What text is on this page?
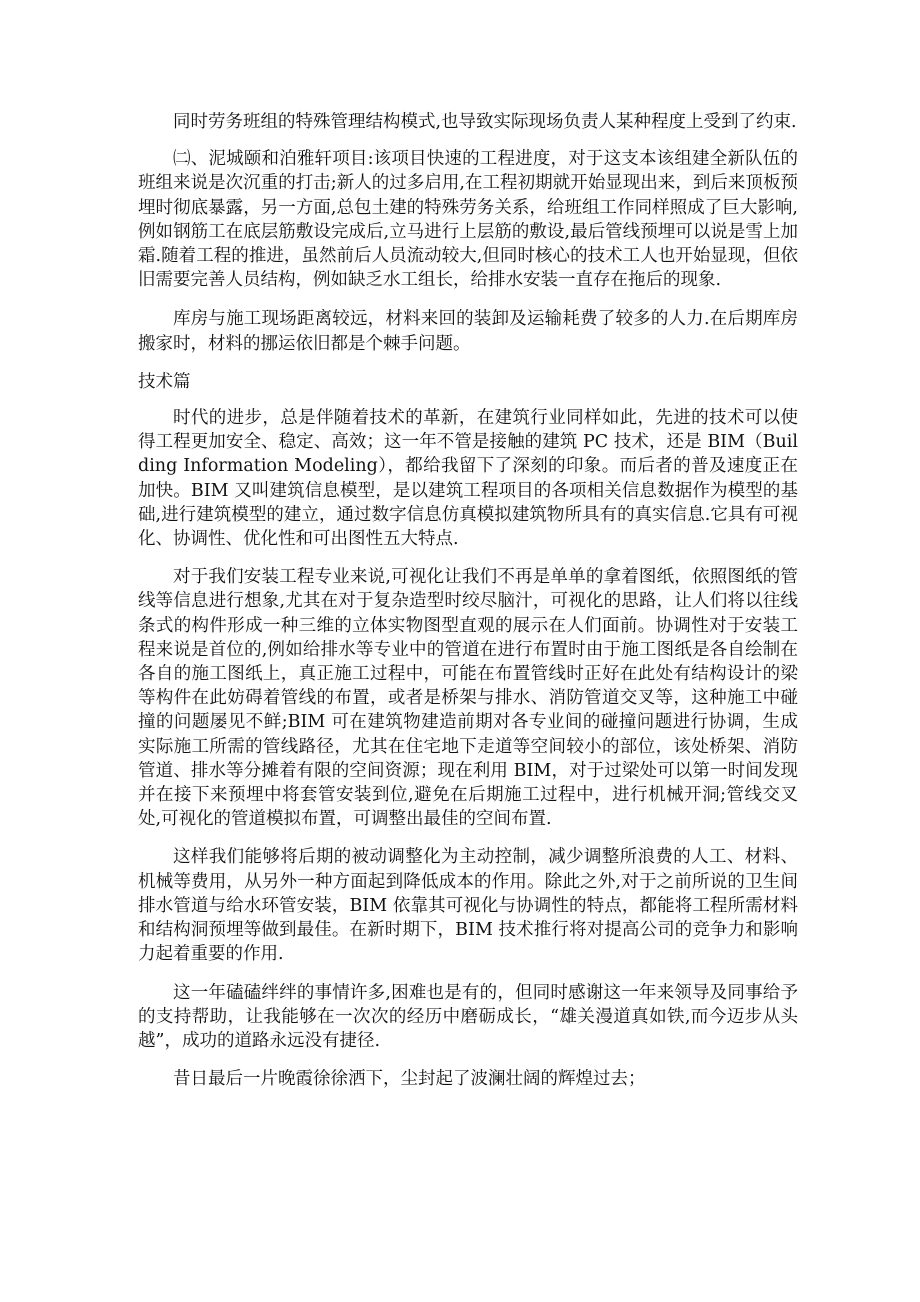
同时劳务班组的特殊管理结构模式,也导致实际现场负责人某种程度上受到了约束.

㈡、泥城颐和泊雅轩项目:该项目快速的工程进度，对于这支本该组建全新队伍的班组来说是次沉重的打击;新人的过多启用,在工程初期就开始显现出来，到后来顶板预埋时彻底暴露，另一方面,总包土建的特殊劳务关系，给班组工作同样照成了巨大影响,例如钢筋工在底层筋敷设完成后,立马进行上层筋的敷设,最后管线预埋可以说是雪上加霜.随着工程的推进，虽然前后人员流动较大,但同时核心的技术工人也开始显现，但依旧需要完善人员结构，例如缺乏水工组长，给排水安装一直存在拖后的现象.

库房与施工现场距离较远，材料来回的装卸及运输耗费了较多的人力.在后期库房搬家时，材料的挪运依旧都是个棘手问题。

技术篇

时代的进步，总是伴随着技术的革新，在建筑行业同样如此，先进的技术可以使得工程更加安全、稳定、高效；这一年不管是接触的建筑 PC 技术，还是 BIM（Building Information Modeling），都给我留下了深刻的印象。而后者的普及速度正在加快。BIM 又叫建筑信息模型，是以建筑工程项目的各项相关信息数据作为模型的基础,进行建筑模型的建立，通过数字信息仿真模拟建筑物所具有的真实信息.它具有可视化、协调性、优化性和可出图性五大特点.

对于我们安装工程专业来说,可视化让我们不再是单单的拿着图纸，依照图纸的管线等信息进行想象,尤其在对于复杂造型时绞尽脑汁，可视化的思路，让人们将以往线条式的构件形成一种三维的立体实物图型直观的展示在人们面前。协调性对于安装工程来说是首位的,例如给排水等专业中的管道在进行布置时由于施工图纸是各自绘制在各自的施工图纸上，真正施工过程中，可能在布置管线时正好在此处有结构设计的梁等构件在此妨碍着管线的布置，或者是桥架与排水、消防管道交叉等，这种施工中碰撞的问题屡见不鲜;BIM 可在建筑物建造前期对各专业间的碰撞问题进行协调，生成实际施工所需的管线路径，尤其在住宅地下走道等空间较小的部位，该处桥架、消防管道、排水等分摊着有限的空间资源；现在利用 BIM，对于过梁处可以第一时间发现并在接下来预埋中将套管安装到位,避免在后期施工过程中，进行机械开洞;管线交叉处,可视化的管道模拟布置，可调整出最佳的空间布置.

这样我们能够将后期的被动调整化为主动控制，减少调整所浪费的人工、材料、机械等费用，从另外一种方面起到降低成本的作用。除此之外,对于之前所说的卫生间排水管道与给水环管安装，BIM 依靠其可视化与协调性的特点，都能将工程所需材料和结构洞预埋等做到最佳。在新时期下，BIM 技术推行将对提高公司的竞争力和影响力起着重要的作用.

这一年磕磕绊绊的事情许多,困难也是有的，但同时感谢这一年来领导及同事给予的支持帮助，让我能够在一次次的经历中磨砺成长，“雄关漫道真如铁,而今迈步从头越”，成功的道路永远没有捷径.

昔日最后一片晚霞徐徐洒下，尘封起了波澜壮阔的辉煌过去；
